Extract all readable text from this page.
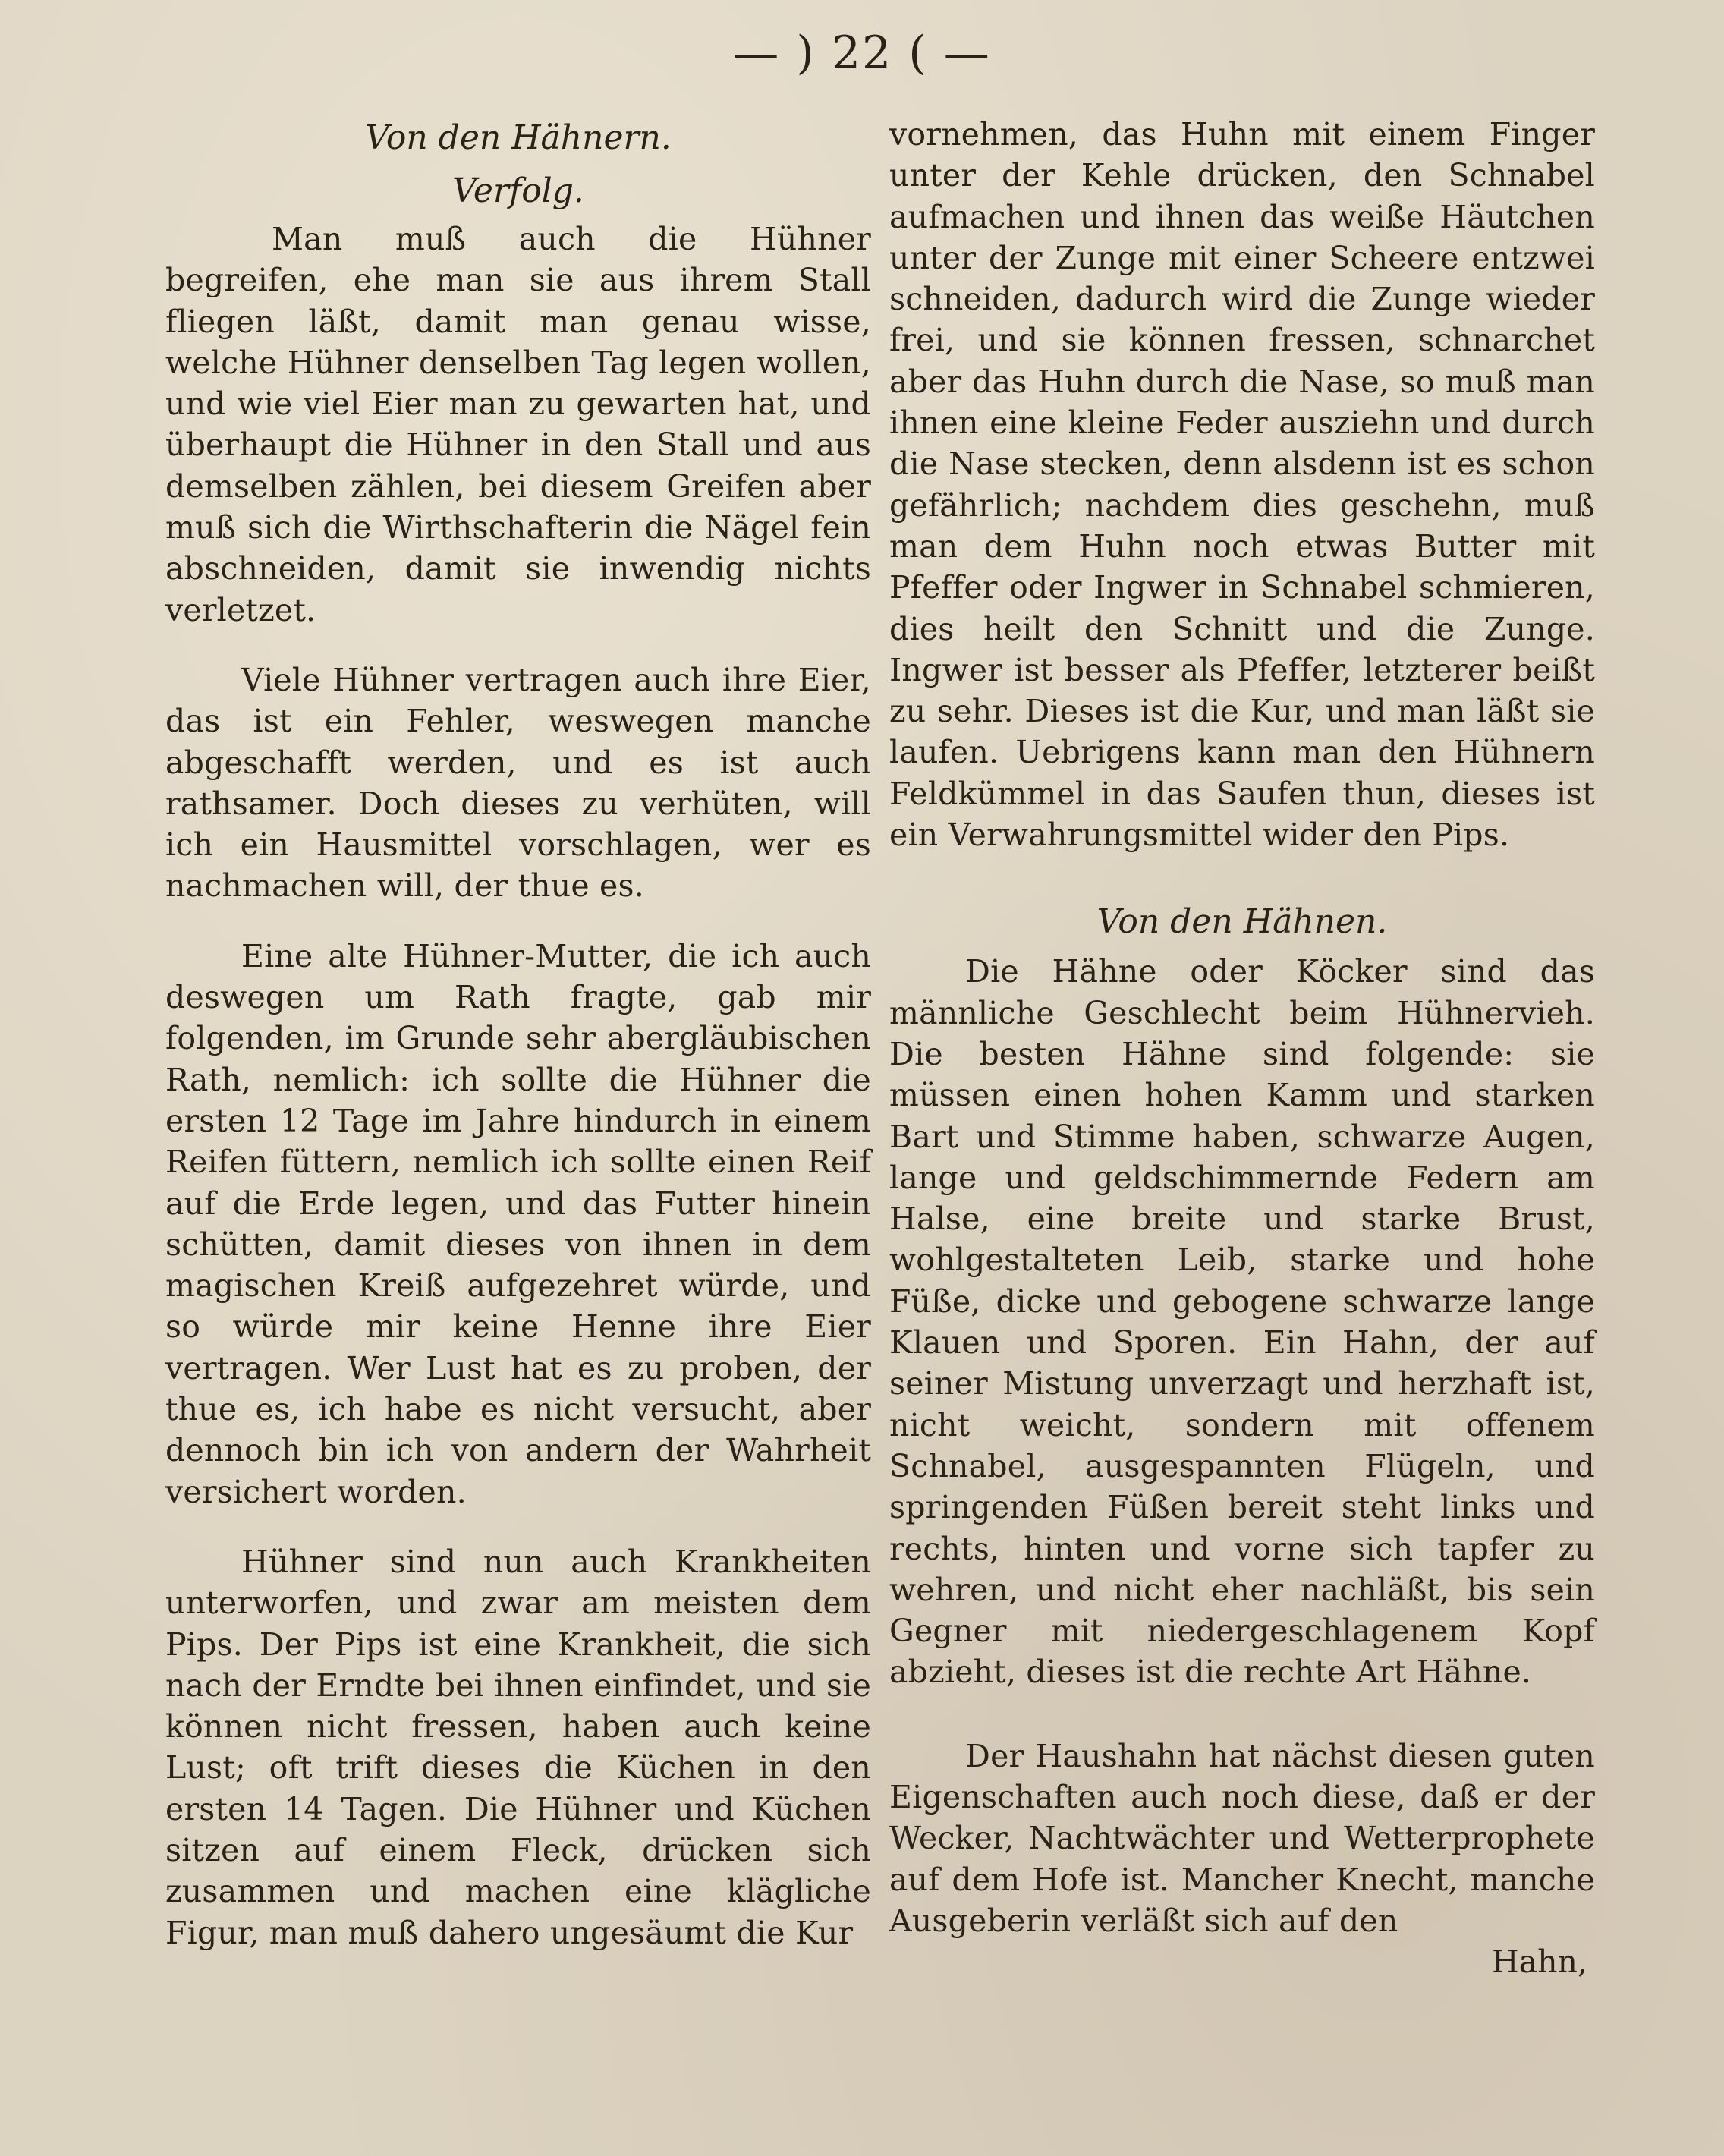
— ) 22 ( —
Von den Hähnern.
Verfolg.

Man muß auch die Hühner begreifen, ehe man sie aus ihrem Stall fliegen läßt, damit man genau wisse, welche Hühner denselben Tag legen wollen, und wie viel Eier man zu gewarten hat, und überhaupt die Hühner in den Stall und aus demselben zählen, bei diesem Greifen aber muß sich die Wirthschafterin die Nägel fein abschneiden, damit sie inwendig nichts verletzet.

Viele Hühner vertragen auch ihre Eier, das ist ein Fehler, weswegen manche abgeschafft werden, und es ist auch rathsamer. Doch dieses zu verhüten, will ich ein Hausmittel vorschlagen, wer es nachmachen will, der thue es.

Eine alte Hühner-Mutter, die ich auch deswegen um Rath fragte, gab mir folgenden, im Grunde sehr abergläubischen Rath, nemlich: ich sollte die Hühner die ersten 12 Tage im Jahre hindurch in einem Reifen füttern, nemlich ich sollte einen Reif auf die Erde legen, und das Futter hinein schütten, damit dieses von ihnen in dem magischen Kreiß aufgezehret würde, und so würde mir keine Henne ihre Eier vertragen. Wer Lust hat es zu proben, der thue es, ich habe es nicht versucht, aber dennoch bin ich von andern der Wahrheit versichert worden.

Hühner sind nun auch Krankheiten unterworfen, und zwar am meisten dem Pips. Der Pips ist eine Krankheit, die sich nach der Erndte bei ihnen einfindet, und sie können nicht fressen, haben auch keine Lust; oft trift dieses die Küchen in den ersten 14 Tagen. Die Hühner und Küchen sitzen auf einem Fleck, drücken sich zusammen und machen eine klägliche Figur, man muß dahero ungesäumt die Kur

vornehmen, das Huhn mit einem Finger unter der Kehle drücken, den Schnabel aufmachen und ihnen das weiße Häutchen unter der Zunge mit einer Scheere entzwei schneiden, dadurch wird die Zunge wieder frei, und sie können fressen, schnarchet aber das Huhn durch die Nase, so muß man ihnen eine kleine Feder ausziehn und durch die Nase stecken, denn alsdenn ist es schon gefährlich; nachdem dies geschehn, muß man dem Huhn noch etwas Butter mit Pfeffer oder Ingwer in Schnabel schmieren, dies heilt den Schnitt und die Zunge. Ingwer ist besser als Pfeffer, letzterer beißt zu sehr. Dieses ist die Kur, und man läßt sie laufen. Uebrigens kann man den Hühnern Feldkümmel in das Saufen thun, dieses ist ein Verwahrungsmittel wider den Pips.

Von den Hähnen.

Die Hähne oder Köcker sind das männliche Geschlecht beim Hühnervieh. Die besten Hähne sind folgende: sie müssen einen hohen Kamm und starken Bart und Stimme haben, schwarze Augen, lange und geldschimmernde Federn am Halse, eine breite und starke Brust, wohlgestalteten Leib, starke und hohe Füße, dicke und gebogene schwarze lange Klauen und Sporen. Ein Hahn, der auf seiner Mistung unverzagt und herzhaft ist, nicht weicht, sondern mit offenem Schnabel, ausgespannten Flügeln, und springenden Füßen bereit steht links und rechts, hinten und vorne sich tapfer zu wehren, und nicht eher nachläßt, bis sein Gegner mit niedergeschlagenem Kopf abzieht, dieses ist die rechte Art Hähne.

Der Haushahn hat nächst diesen guten Eigenschaften auch noch diese, daß er der Wecker, Nachtwächter und Wetterprophete auf dem Hofe ist. Mancher Knecht, manche Ausgeberin verläßt sich auf den

Hahn,
